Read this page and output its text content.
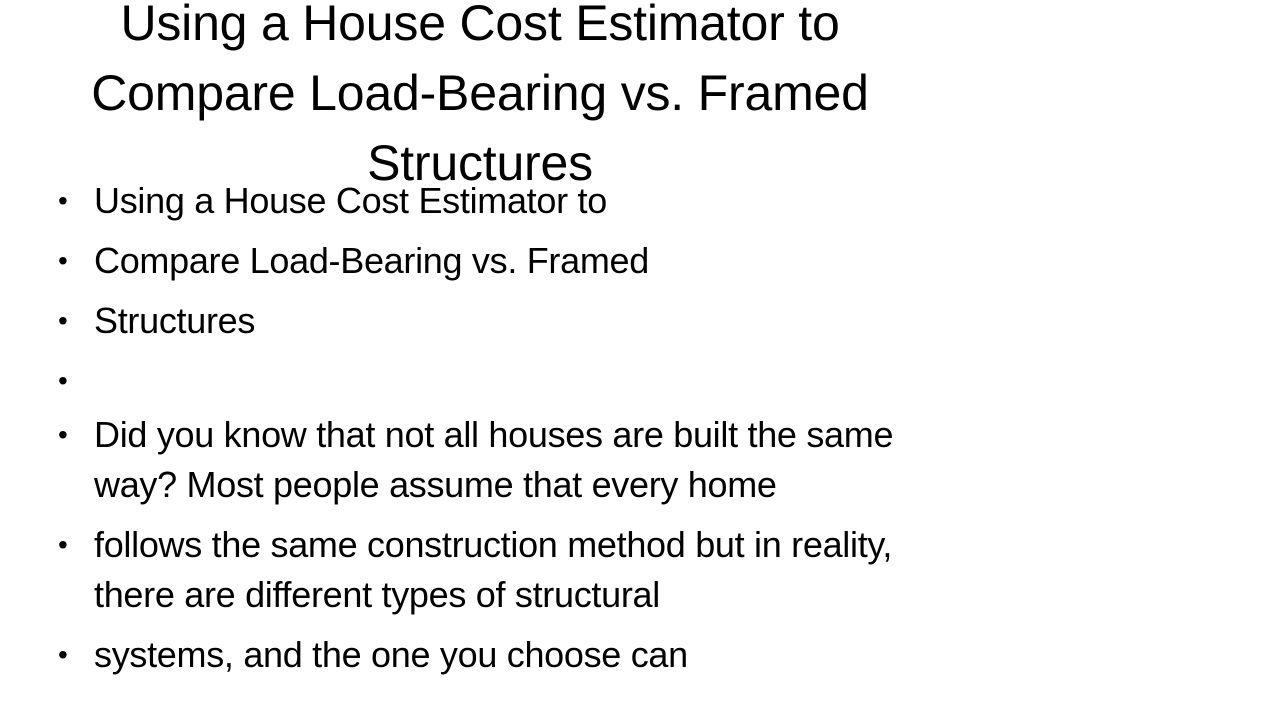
Using a House Cost Estimator to Compare Load-Bearing vs. Framed Structures
• Using a House Cost Estimator to
• Compare Load-Bearing vs. Framed
• Structures
•
• Did you know that not all houses are built the same way? Most people assume that every home
• follows the same construction method but in reality, there are different types of structural
• systems, and the one you choose can
